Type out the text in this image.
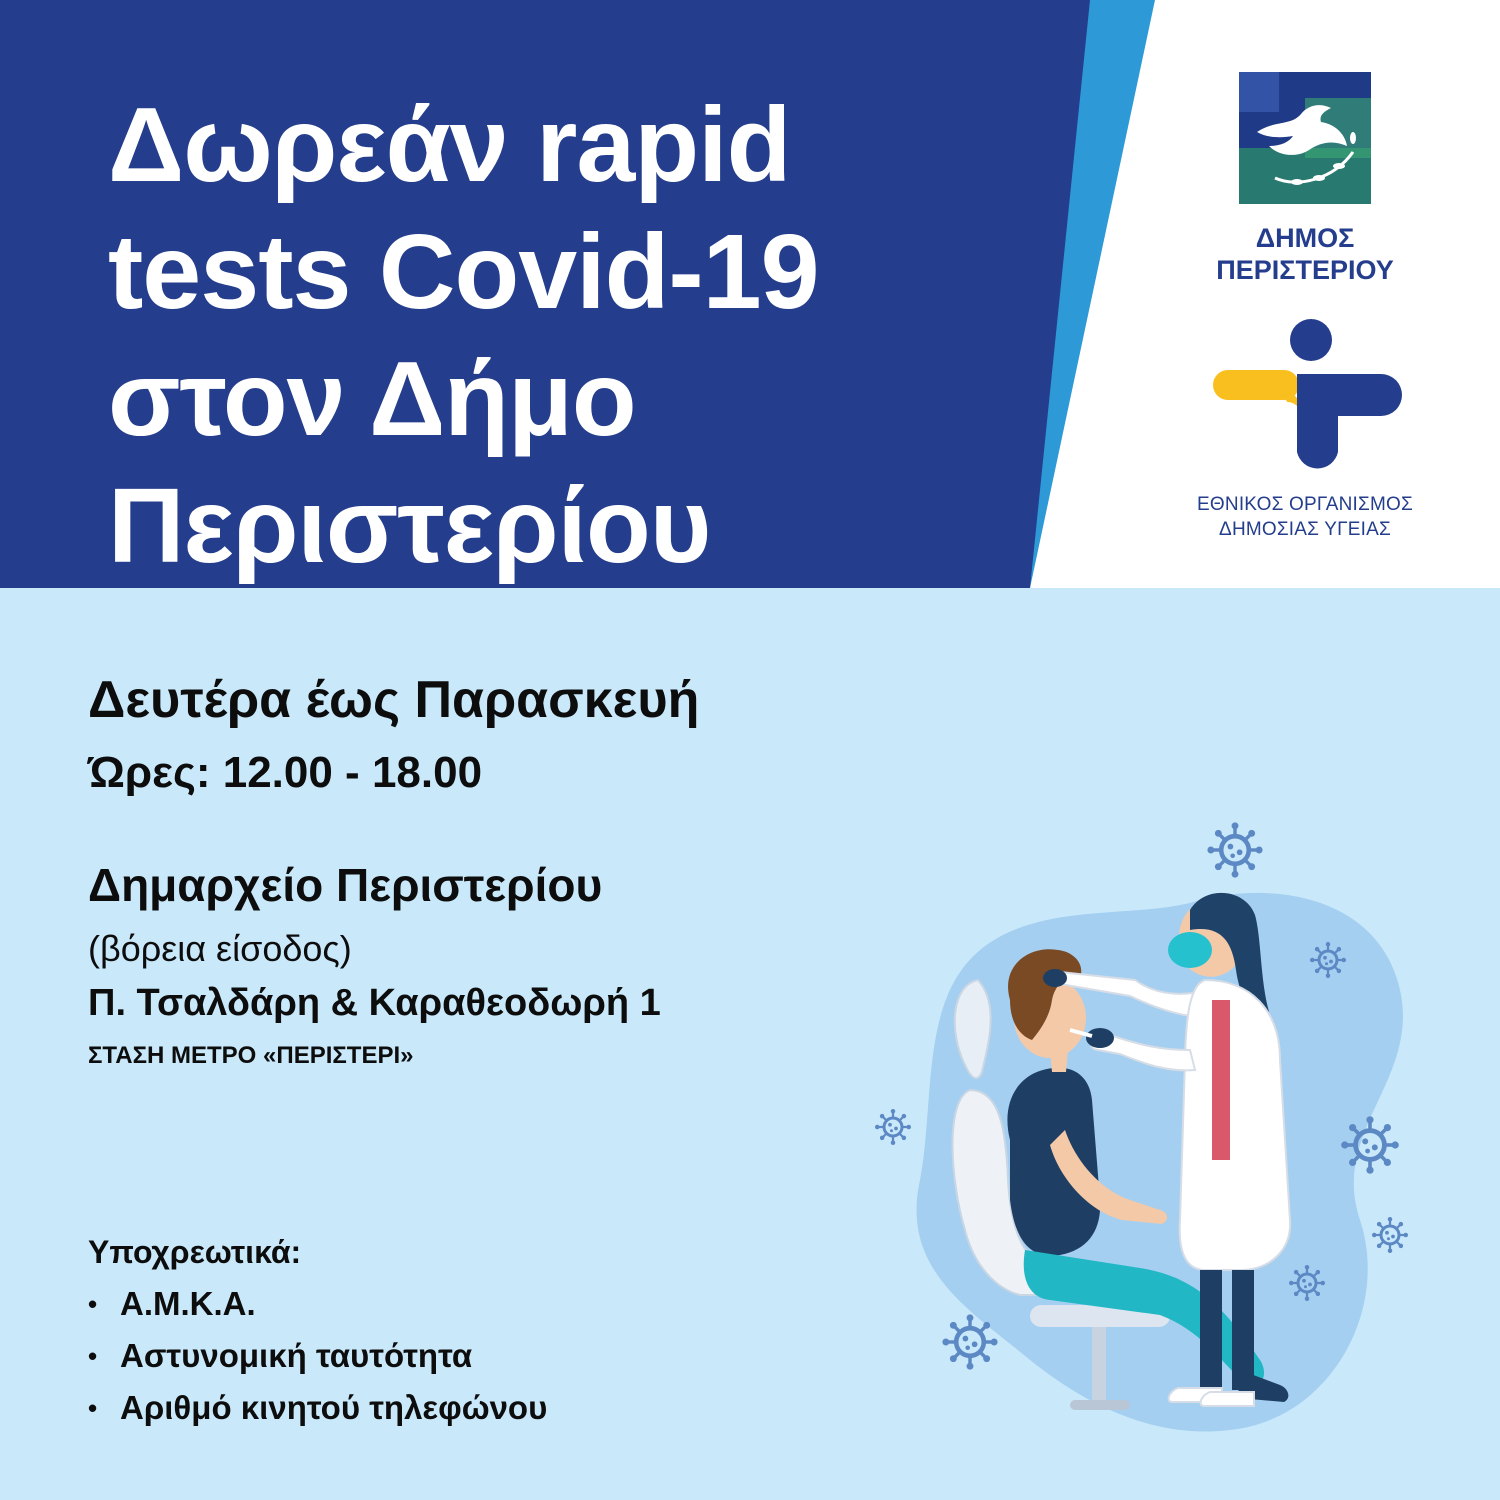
Δωρεάν rapid
tests Covid-19
στον Δήμο
Περιστερίου
ΔΗΜΟΣ
ΠΕΡΙΣΤΕΡΙΟΥ
ΕΘΝΙΚΟΣ ΟΡΓΑΝΙΣΜΟΣ
ΔΗΜΟΣΙΑΣ ΥΓΕΙΑΣ
Δευτέρα έως Παρασκευή
Ώρες: 12.00 - 18.00
Δημαρχείο Περιστερίου
(βόρεια είσοδος)
Π. Τσαλδάρη & Καραθεοδωρή 1
ΣΤΑΣΗ ΜΕΤΡΟ «ΠΕΡΙΣΤΕΡΙ»
Υποχρεωτικά:
• Α.Μ.Κ.Α.
• Αστυνομική ταυτότητα
• Αριθμό κινητού τηλεφώνου
